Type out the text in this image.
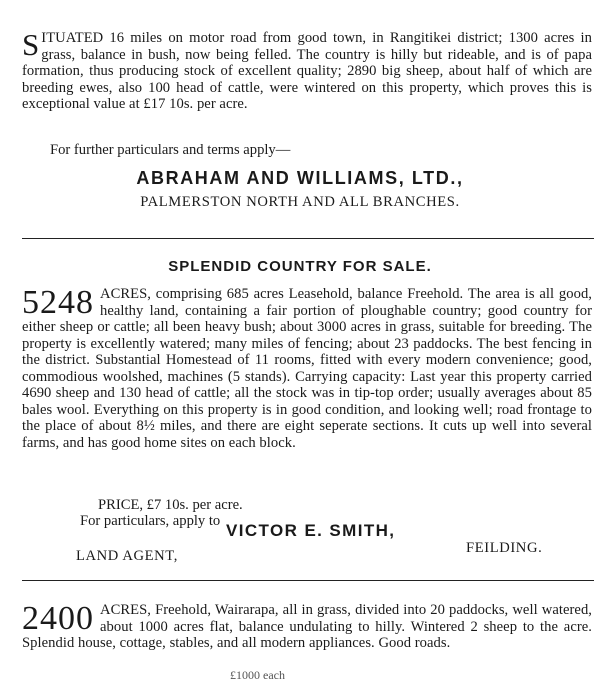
SITUATED 16 miles on motor road from good town, in Rangitikei district; 1300 acres in grass, balance in bush, now being felled. The country is hilly but rideable, and is of papa formation, thus producing stock of excellent quality; 2890 big sheep, about half of which are breeding ewes, also 100 head of cattle, were wintered on this property, which proves this is exceptional value at £17 10s. per acre.
For further particulars and terms apply—
ABRAHAM AND WILLIAMS, LTD.,
PALMERSTON NORTH AND ALL BRANCHES.
SPLENDID COUNTRY FOR SALE.
5248 ACRES, comprising 685 acres Leasehold, balance Freehold. The area is all good, healthy land, containing a fair portion of ploughable country; good country for either sheep or cattle; all been heavy bush; about 3000 acres in grass, suitable for breeding. The property is excellently watered; many miles of fencing; about 23 paddocks. The best fencing in the district. Substantial Homestead of 11 rooms, fitted with every modern convenience; good, commodious woolshed, machines (5 stands). Carrying capacity: Last year this property carried 4690 sheep and 130 head of cattle; all the stock was in tip-top order; usually averages about 85 bales wool. Everything on this property is in good condition, and looking well; road frontage to the place of about 8½ miles, and there are eight seperate sections. It cuts up well into several farms, and has good home sites on each block.
PRICE, £7 10s. per acre.
For particulars, apply to VICTOR E. SMITH,
LAND AGENT,	FEILDING.
2400 ACRES, Freehold, Wairarapa, all in grass, divided into 20 paddocks, well watered, about 1000 acres flat, balance undulating to hilly. Wintered 2 sheep to the acre. Splendid house, cottage, stables, and all modern appliances. Good roads.
£1000 each
